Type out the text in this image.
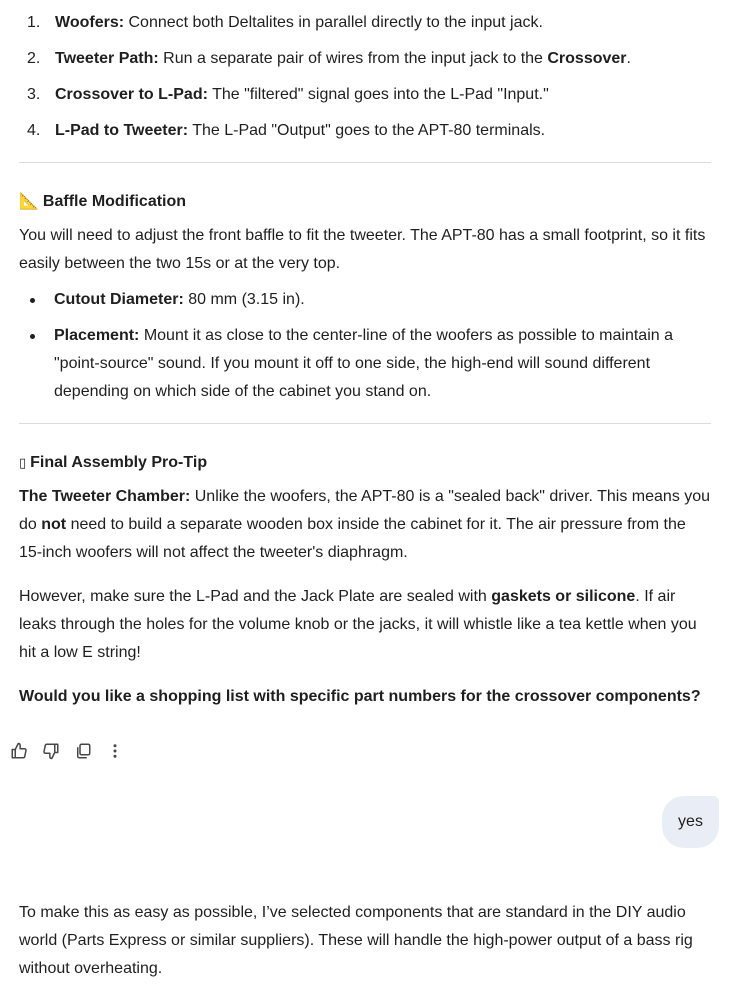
1. Woofers: Connect both Deltalites in parallel directly to the input jack.
2. Tweeter Path: Run a separate pair of wires from the input jack to the Crossover.
3. Crossover to L-Pad: The "filtered" signal goes into the L-Pad "Input."
4. L-Pad to Tweeter: The L-Pad "Output" goes to the APT-80 terminals.
📐 Baffle Modification
You will need to adjust the front baffle to fit the tweeter. The APT-80 has a small footprint, so it fits easily between the two 15s or at the very top.
Cutout Diameter: 80 mm (3.15 in).
Placement: Mount it as close to the center-line of the woofers as possible to maintain a "point-source" sound. If you mount it off to one side, the high-end will sound different depending on which side of the cabinet you stand on.
▯ Final Assembly Pro-Tip
The Tweeter Chamber: Unlike the woofers, the APT-80 is a "sealed back" driver. This means you do not need to build a separate wooden box inside the cabinet for it. The air pressure from the 15-inch woofers will not affect the tweeter's diaphragm.
However, make sure the L-Pad and the Jack Plate are sealed with gaskets or silicone. If air leaks through the holes for the volume knob or the jacks, it will whistle like a tea kettle when you hit a low E string!
Would you like a shopping list with specific part numbers for the crossover components?
To make this as easy as possible, I’ve selected components that are standard in the DIY audio world (Parts Express or similar suppliers). These will handle the high-power output of a bass rig without overheating.
yes
